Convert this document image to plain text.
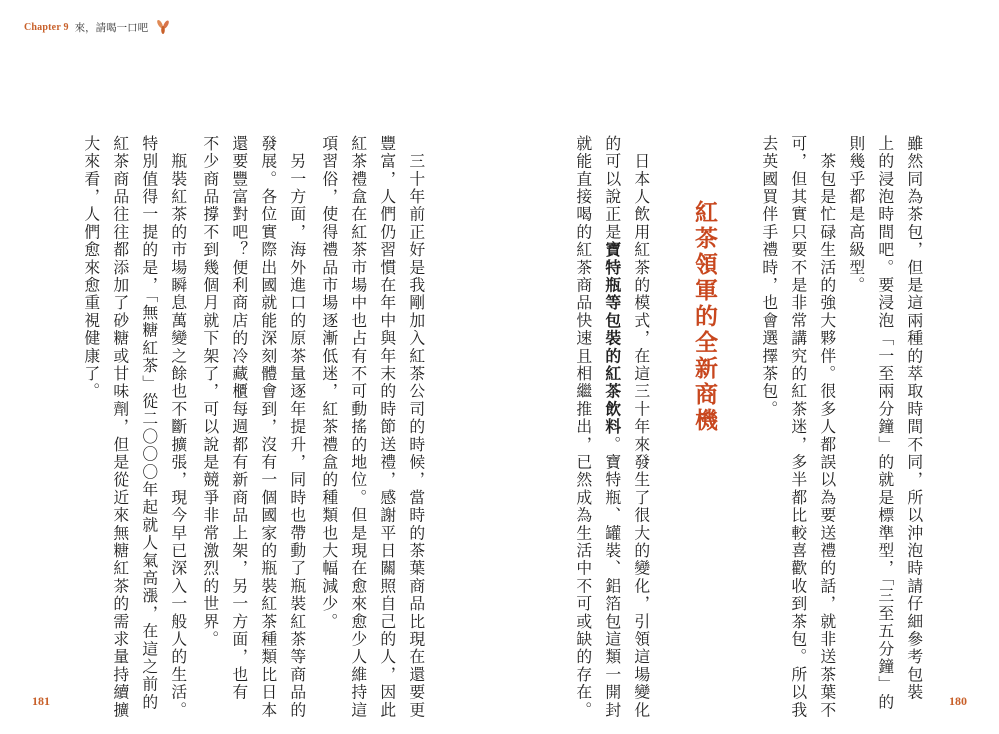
Chapter 9 來，請喝一口吧
雖然同為茶包，但是這兩種的萃取時間不同，所以沖泡時請仔細參考包裝
上的浸泡時間吧。要浸泡「一至兩分鐘」的就是標準型，「三至五分鐘」的
則幾乎都是高級型。
　茶包是忙碌生活的強大夥伴。很多人都誤以為要送禮的話，就非送茶葉不
可，但其實只要不是非常講究的紅茶迷，多半都比較喜歡收到茶包。所以我
去英國買伴手禮時，也會選擇茶包。
紅茶領軍的全新商機
　日本人飲用紅茶的模式，在這三十年來發生了很大的變化，引領這場變化
的可以說正是寶特瓶等包裝的紅茶飲料。寶特瓶、罐裝、鋁箔包這類一開封
就能直接喝的紅茶商品快速且相繼推出，已然成為生活中不可或缺的存在。
　三十年前正好是我剛加入紅茶公司的時候，當時的茶葉商品比現在還要更
豐富，人們仍習慣在年中與年末的時節送禮，感謝平日關照自己的人，因此
紅茶禮盒在紅茶市場中也占有不可動搖的地位。但是現在愈來愈少人維持這
項習俗，使得禮品市場逐漸低迷，紅茶禮盒的種類也大幅減少。
　另一方面，海外進口的原茶量逐年提升，同時也帶動了瓶裝紅茶等商品的
發展。各位實際出國就能深刻體會到，沒有一個國家的瓶裝紅茶種類比日本
還要豐富對吧？便利商店的冷藏櫃每週都有新商品上架，另一方面，也有
不少商品撐不到幾個月就下架了，可以說是競爭非常激烈的世界。
　瓶裝紅茶的市場瞬息萬變之餘也不斷擴張，現今早已深入一般人的生活。
特別值得一提的是，「無糖紅茶」從二〇〇〇年起就人氣高漲，在這之前的
紅茶商品往往都添加了砂糖或甘味劑，但是從近來無糖紅茶的需求量持續擴
大來看，人們愈來愈重視健康了。
181	180
